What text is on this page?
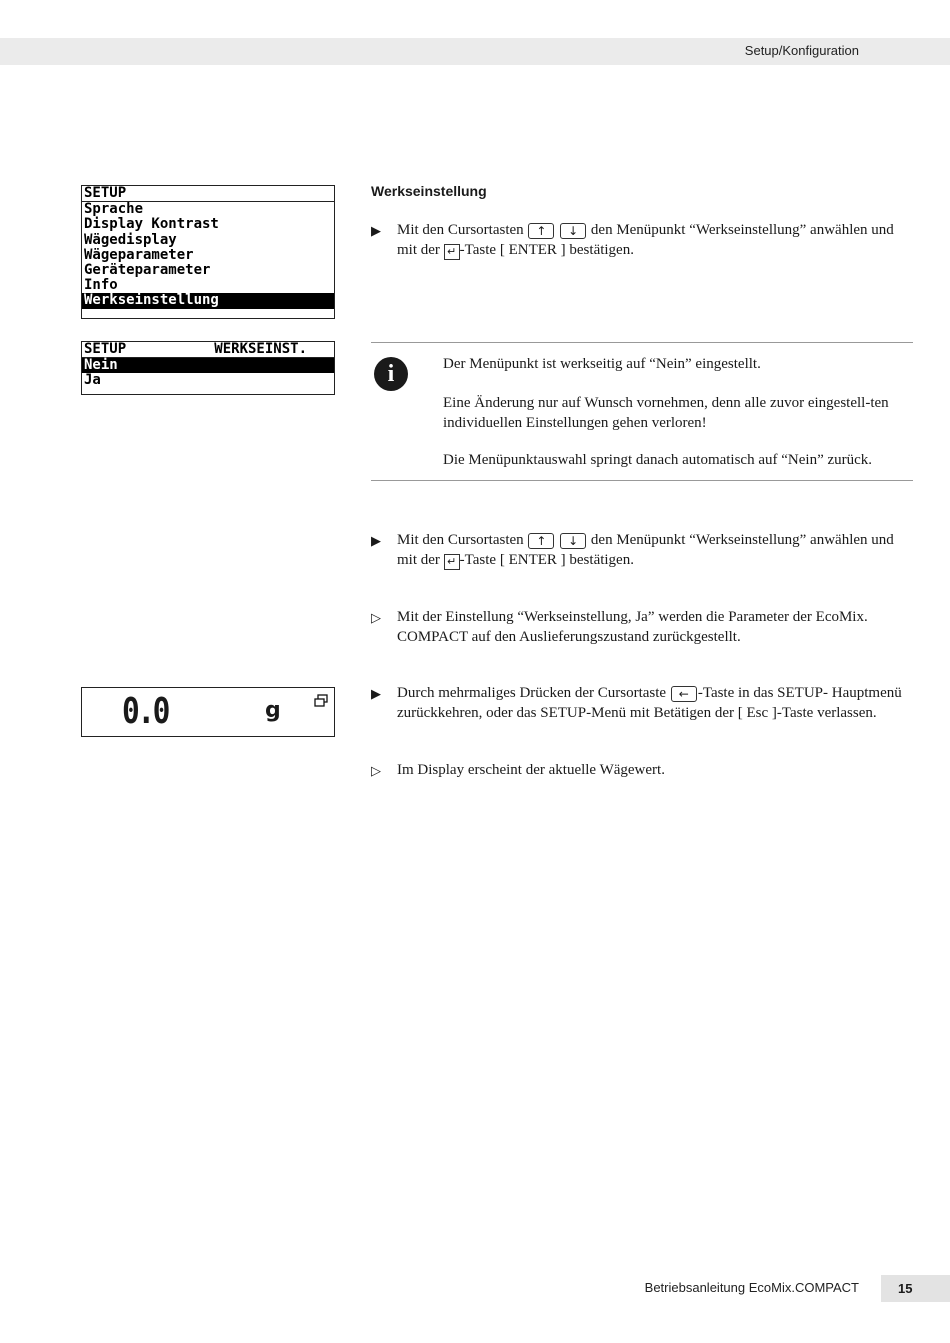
Setup/Konfiguration
SETUP
Sprache
Display Kontrast
Wägedisplay
Wägeparameter
Geräteparameter
Info
Werkseinstellung
SETUP	WERKSEINST.
Nein
Ja
0.0	g
Werkseinstellung
▶ Mit den Cursortasten ↑ ↓ den Menüpunkt “Werkseinstellung” anwählen und mit der ↵ -Taste [ ENTER ] bestätigen.
i	Der Menüpunkt ist werkseitig auf “Nein” eingestellt.
Eine Änderung nur auf Wunsch vornehmen, denn alle zuvor eingestell-ten individuellen Einstellungen gehen verloren!
Die Menüpunktauswahl springt danach automatisch auf “Nein” zurück.
▶ Mit den Cursortasten ↑ ↓ den Menüpunkt “Werkseinstellung” anwählen und mit der ↵ -Taste [ ENTER ] bestätigen.
▷ Mit der Einstellung “Werkseinstellung, Ja” werden die Parameter der EcoMix. COMPACT auf den Auslieferungszustand zurückgestellt.
▶ Durch mehrmaliges Drücken der Cursortaste ← -Taste in das SETUP- Hauptmenü zurückkehren, oder das SETUP-Menü mit Betätigen der [ Esc ]-Taste verlassen.
▷ Im Display erscheint der aktuelle Wägewert.
Betriebsanleitung EcoMix.COMPACT	15
